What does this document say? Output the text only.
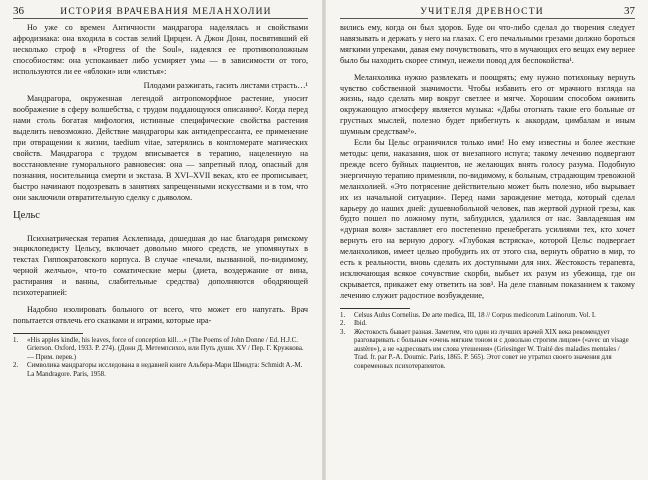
36	ИСТОРИЯ ВРАЧЕВАНИЯ МЕЛАНХОЛИИ

Но уже со времен Античности мандрагора наделялась и свойствами афродизиака: она входила в состав зелий Цирцеи. А Джон Донн, посвятивший ей несколько строф в «Progress of the Soul», надеялся ее противоположным способностям: она успокаивает либо усмиряет умы — в зависимости от того, используются ли ее «яблоки» или «листья»:

Плодами разжигать, гасить листами страсть…¹

Мандрагора, окруженная легендой антропоморфное растение, уносит воображение в сферу волшебства, с трудом поддающуюся описанию². Когда перед нами столь богатая мифология, истинные специфические свойства растения выделить невозможно. Действие мандрагоры как антидепрессанта, ее применение при отвращении к жизни, taedium vitae, затерялись в конгломерате магических свойств. Мандрагора с трудом вписывается в терапию, нацеленную на восстановление гуморального равновесия: она — запретный плод, опасный для познания, носительница смерти и экстаза. В XVI–XVII веках, кто ее прописывает, быстро начинают подозревать в занятиях запрещенными искусствами и в том, что они заключили отвратительную сделку с дьяволом.

Цельс

Психиатрическая терапия Асклепиада, дошедшая до нас благодаря римскому энциклопедисту Цельсу, включает довольно много средств, не упомянутых в текстах Гиппократовского корпуса. В случае «печали, вызванной, по-видимому, черной желчью», что-то соматические меры (диета, воздержание от вина, растирания и ванны, слабительные средства) дополняются ободряющей психотерапией:

Надобно изолировать больного от всего, что может его напугать. Врач попытается отвлечь его сказками и играми, которые нра-

1.	«His apples kindle, his leaves, force of conception kill…» (The Poems of John Donne / Ed. H.J.C. Grierson. Oxford, 1933. P. 274). (Донн Д. Метемпсихоз, или Путь души. XV / Пер. Г. Кружкова. — Прим. перев.)
2.	Символика мандрагоры исследована в недавней книге Альбера-Мари Шмидта: Schmidt A.-M. La Mandragore. Paris, 1958.
УЧИТЕЛЯ ДРЕВНОСТИ	37

вились ему, когда он был здоров. Буде он что-либо сделал до творения следует навязывать и держать у него на глазах. С его печальными грезами должно бороться мягкими упреками, давая ему почувствовать, что в мучающих его вещах ему вернее было бы находить скорее стимул, нежели повод для беспокойства¹.

Меланхолика нужно развлекать и поощрять; ему нужно потихоньку вернуть чувство собственной значимости. Чтобы избавить его от мрачного взгляда на жизнь, надо сделать мир вокруг светлее и мягче. Хорошим способом оживить окружающую атмосферу является музыка: «Дабы отогнать такие его больные от грустных мыслей, полезно будет прибегнуть к аккордам, цимбалам и иным шумным средствам²».

Если бы Цельс ограничился только ими! Но ему известны и более жесткие методы: цепи, наказания, шок от внезапного испуга; такому лечению подвергают прежде всего буйных пациентов, не желающих внять голосу разума. Подобную энергичную терапию применяли, по-видимому, к больным, страдающим тревожной меланхолией. «Это потрясение действительно может быть полезно, ибо вырывает их из начальной ситуации». Перед нами зарождение метода, который сделал карьеру до наших дней: душевнобольной человек, пав жертвой дурной грезы, как будто пошел по ложному пути, заблудился, удалился от нас. Завладевшая им «дурная воля» заставляет его постепенно пренебрегать усилиями тех, кто хочет вернуть его на верную дорогу. «Глубокая встряска», которой Цельс подвергает меланхоликов, имеет целью пробудить их от этого сна, вернуть обратно в мир, то есть к реальности, вновь сделать их доступными для них. Жестокость терапевта, исключающая всякое сочувствие скорби, выбьет их разум из убежища, где он скрывается, прикажет ему ответить на зов³. На деле главным показанием к такому лечению служит радостное возбуждение,

1.	Celsus Aulus Cornelius. De arte medica, III, 18 // Corpus medicorum Latinorum. Vol. I.
2.	Ibid.
3.	Жестокость бывает разная. Заметим, что один из лучших врачей XIX века рекомендует разговаривать с больным «очень мягким тоном и с довольно строгим лицом» («avec un visage austère»), а не «адресовать им слова утешения» (Griesinger W. Traité des maladies mentales / Trad. fr. par P.-A. Doumic. Paris, 1865. P. 565). Этот совет не утратил своего значения для современных психотерапевтов.
